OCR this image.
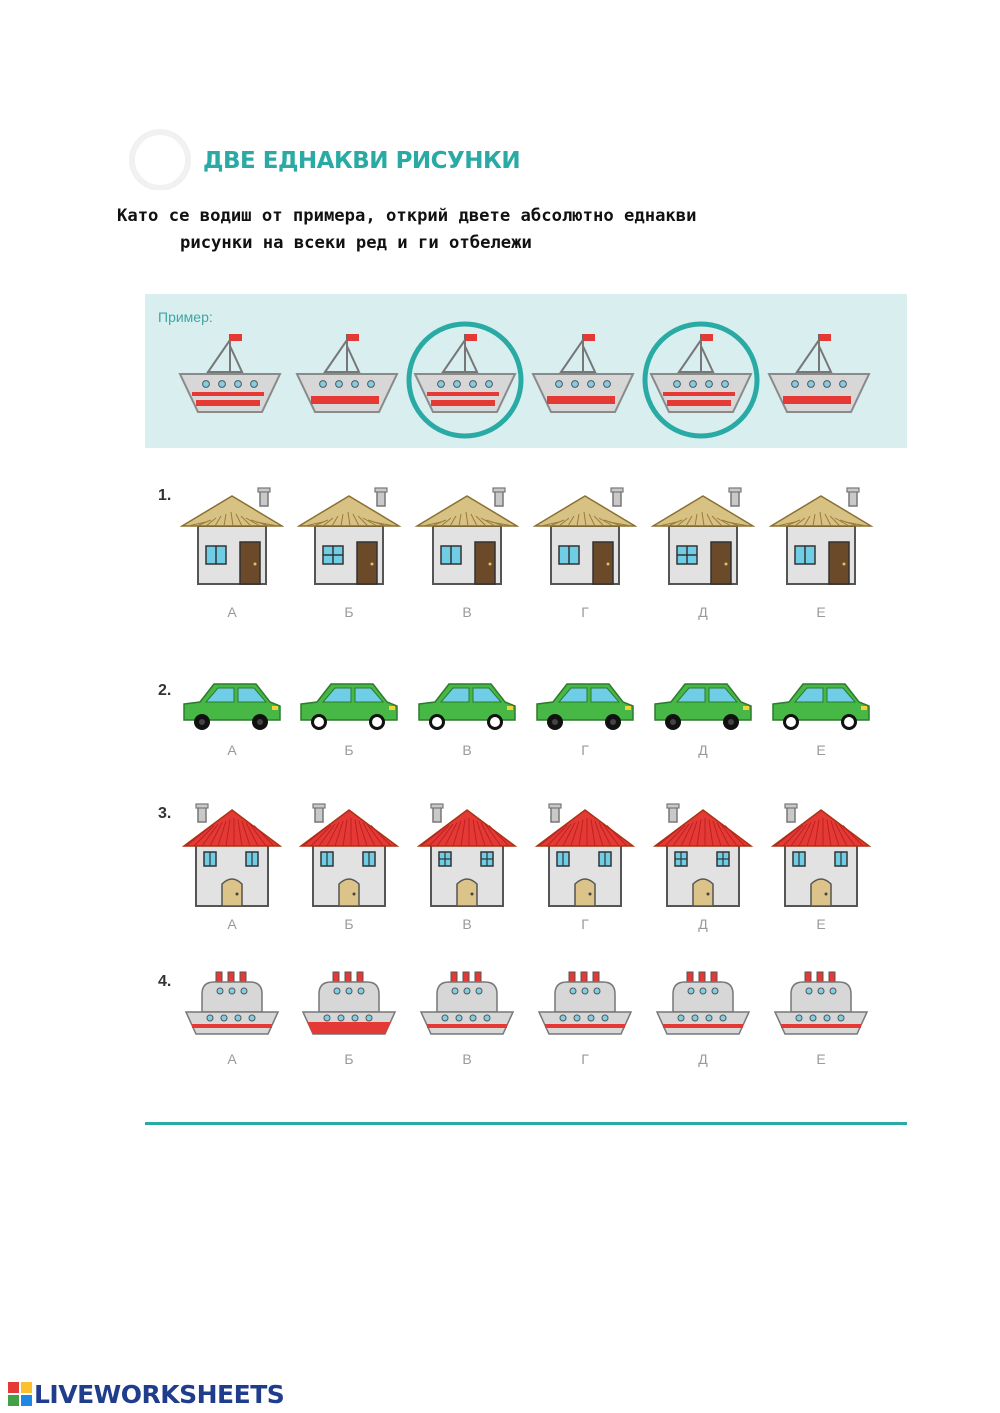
ДВЕ ЕДНАКВИ РИСУНКИ
Като се водиш от примера, открий двете абсолютно еднакви
рисунки на всеки ред и ги отбележи
Пример:
1.
А	Б	В	Г	Д	Е
2.
А	Б	В	Г	Д	Е
3.
А	Б	В	Г	Д	Е
4.
А	Б	В	Г	Д	Е
LIVEWORKSHEETS
